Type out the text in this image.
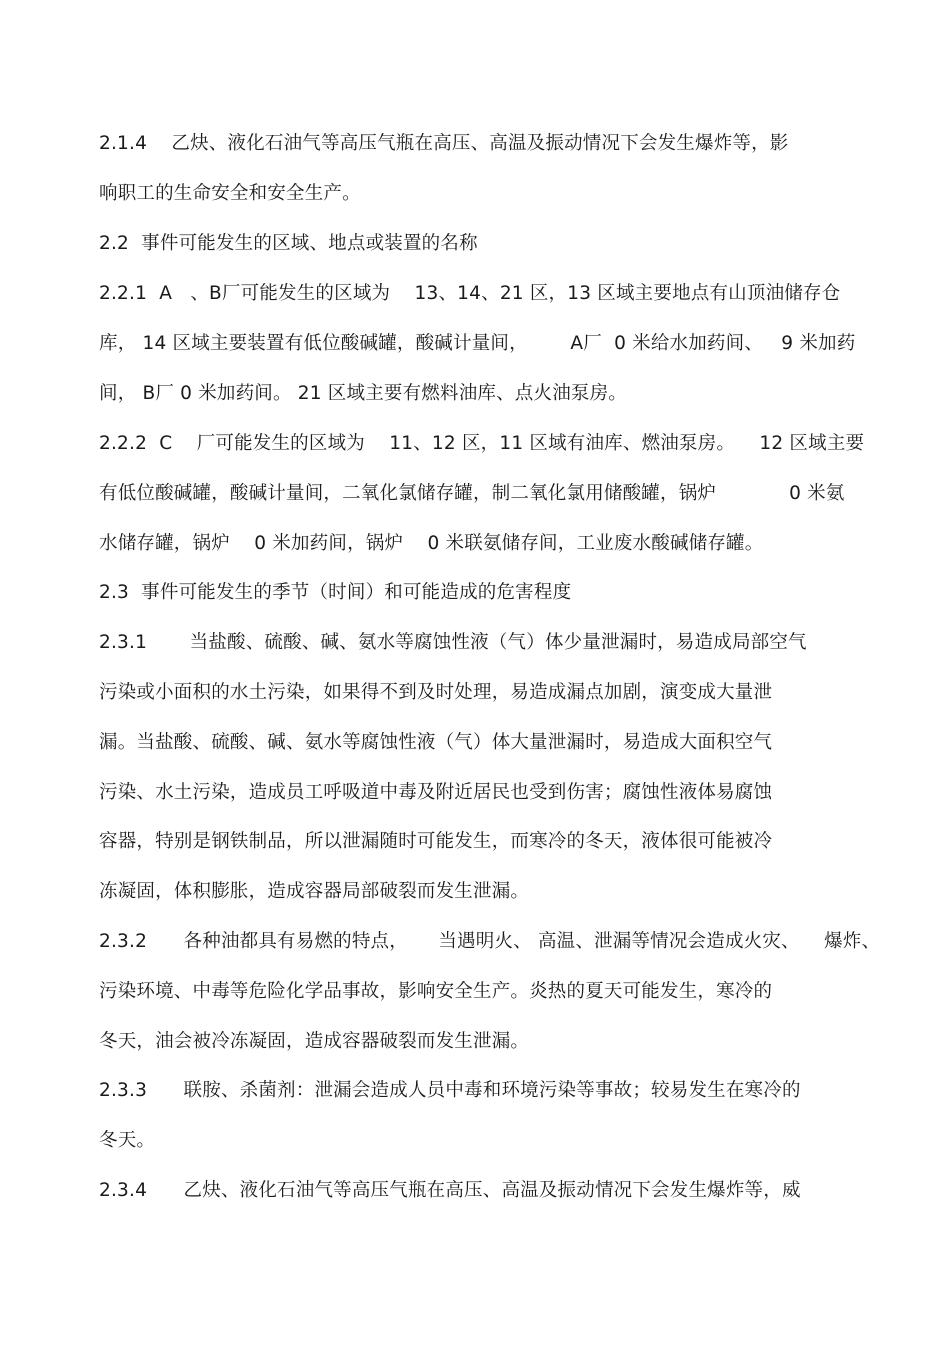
2.1.4    乙炔、液化石油气等高压气瓶在高压、高温及振动情况下会发生爆炸等，影
响职工的生命安全和安全生产。
2.2  事件可能发生的区域、地点或装置的名称
2.2.1  A   、B厂可能发生的区域为    13、14、21 区，13 区域主要地点有山顶油储存仓
库， 14 区域主要装置有低位酸碱罐，酸碱计量间，       A厂  0 米给水加药间、   9 米加药
间， B厂 0 米加药间。 21 区域主要有燃料油库、点火油泵房。
2.2.2  C    厂可能发生的区域为    11、12 区，11 区域有油库、燃油泵房。    12 区域主要
有低位酸碱罐，酸碱计量间，二氧化氯储存罐，制二氧化氯用储酸罐，锅炉            0 米氨
水储存罐，锅炉    0 米加药间，锅炉    0 米联氨储存间，工业废水酸碱储存罐。
2.3  事件可能发生的季节（时间）和可能造成的危害程度
2.3.1       当盐酸、硫酸、碱、氨水等腐蚀性液（气）体少量泄漏时，易造成局部空气
污染或小面积的水土污染，如果得不到及时处理，易造成漏点加剧，演变成大量泄
漏。当盐酸、硫酸、碱、氨水等腐蚀性液（气）体大量泄漏时，易造成大面积空气
污染、水土污染，造成员工呼吸道中毒及附近居民也受到伤害；腐蚀性液体易腐蚀
容器，特别是钢铁制品，所以泄漏随时可能发生，而寒冷的冬天，液体很可能被冷
冻凝固，体积膨胀，造成容器局部破裂而发生泄漏。
2.3.2      各种油都具有易燃的特点，     当遇明火、 高温、泄漏等情况会造成火灾、    爆炸、
污染环境、中毒等危险化学品事故，影响安全生产。炎热的夏天可能发生，寒冷的
冬天，油会被冷冻凝固，造成容器破裂而发生泄漏。
2.3.3      联胺、杀菌剂：泄漏会造成人员中毒和环境污染等事故；较易发生在寒冷的
冬天。
2.3.4      乙炔、液化石油气等高压气瓶在高压、高温及振动情况下会发生爆炸等，威
